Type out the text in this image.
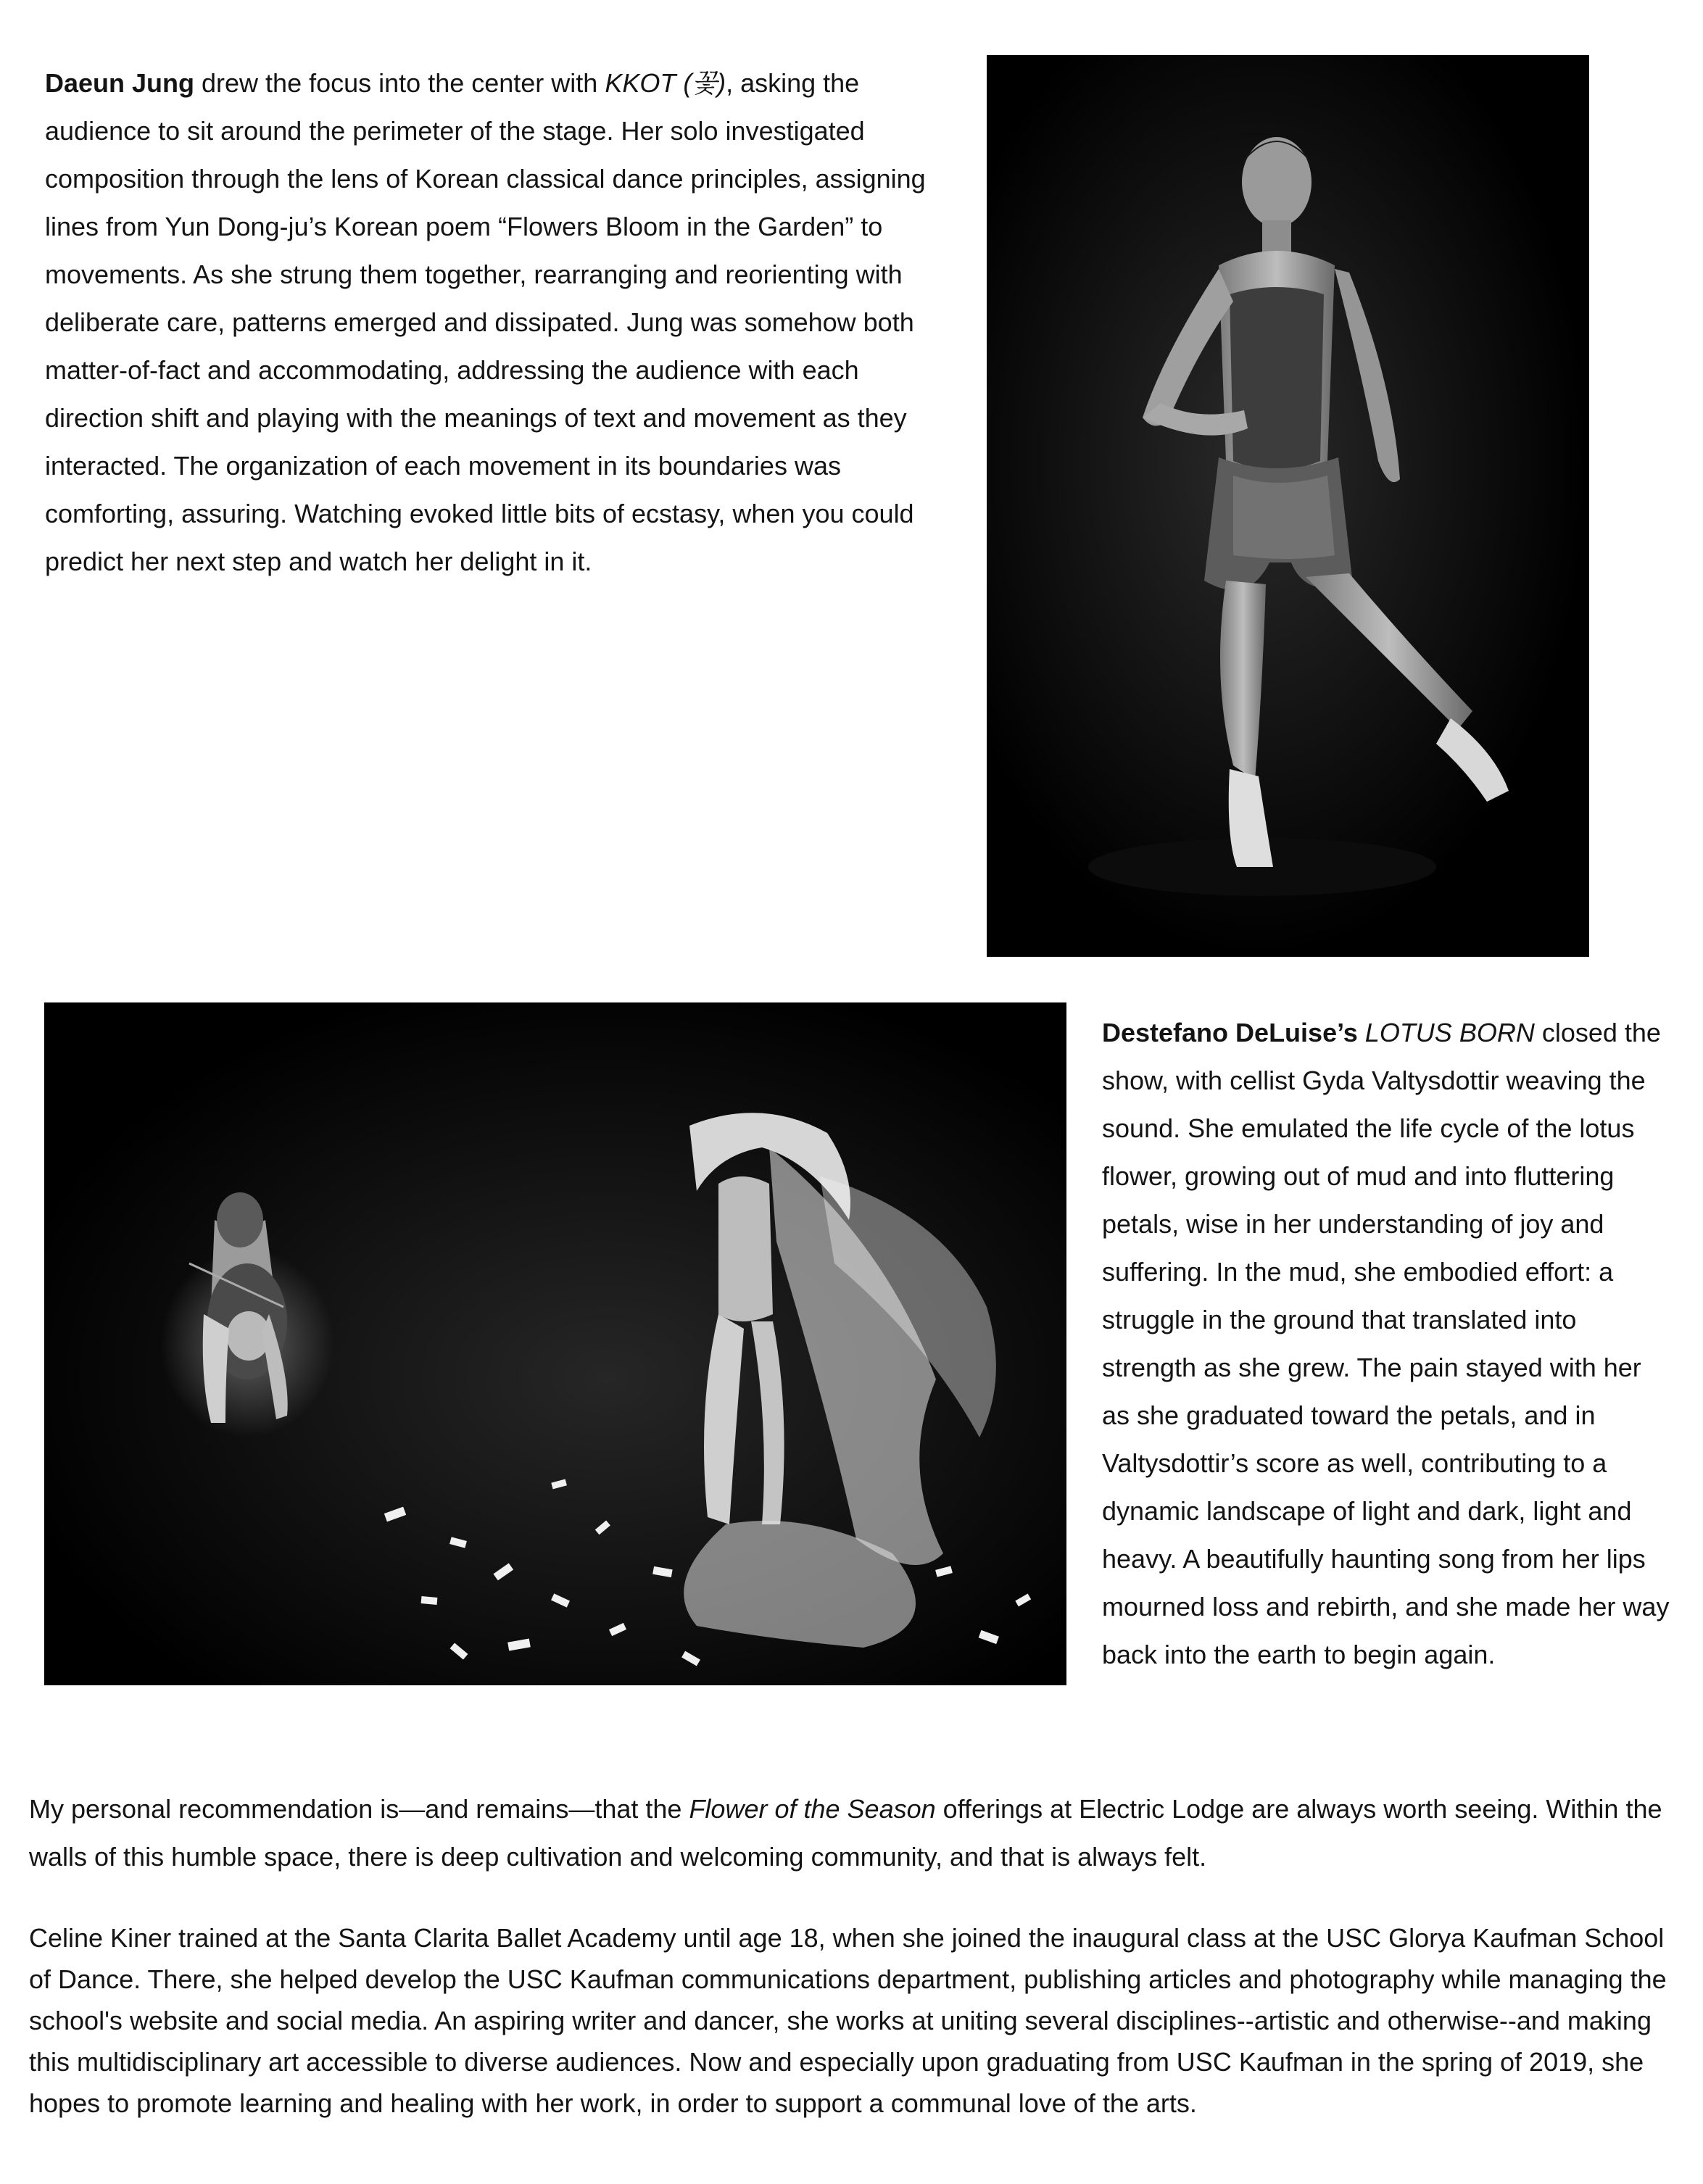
Daeun Jung drew the focus into the center with KKOT (꽃), asking the audience to sit around the perimeter of the stage. Her solo investigated composition through the lens of Korean classical dance principles, assigning lines from Yun Dong-ju’s Korean poem “Flowers Bloom in the Garden” to movements. As she strung them together, rearranging and reorienting with deliberate care, patterns emerged and dissipated. Jung was somehow both matter-of-fact and accommodating, addressing the audience with each direction shift and playing with the meanings of text and movement as they interacted. The organization of each movement in its boundaries was comforting, assuring. Watching evoked little bits of ecstasy, when you could predict her next step and watch her delight in it.

Destefano DeLuise’s LOTUS BORN closed the show, with cellist Gyda Valtysdottir weaving the sound. She emulated the life cycle of the lotus flower, growing out of mud and into fluttering petals, wise in her understanding of joy and suffering. In the mud, she embodied effort: a struggle in the ground that translated into strength as she grew. The pain stayed with her as she graduated toward the petals, and in Valtysdottir’s score as well, contributing to a dynamic landscape of light and dark, light and heavy. A beautifully haunting song from her lips mourned loss and rebirth, and she made her way back into the earth to begin again.

My personal recommendation is—and remains—that the Flower of the Season offerings at Electric Lodge are always worth seeing. Within the walls of this humble space, there is deep cultivation and welcoming community, and that is always felt.

Celine Kiner trained at the Santa Clarita Ballet Academy until age 18, when she joined the inaugural class at the USC Glorya Kaufman School of Dance. There, she helped develop the USC Kaufman communications department, publishing articles and photography while managing the school's website and social media. An aspiring writer and dancer, she works at uniting several disciplines--artistic and otherwise--and making this multidisciplinary art accessible to diverse audiences. Now and especially upon graduating from USC Kaufman in the spring of 2019, she hopes to promote learning and healing with her work, in order to support a communal love of the arts.
